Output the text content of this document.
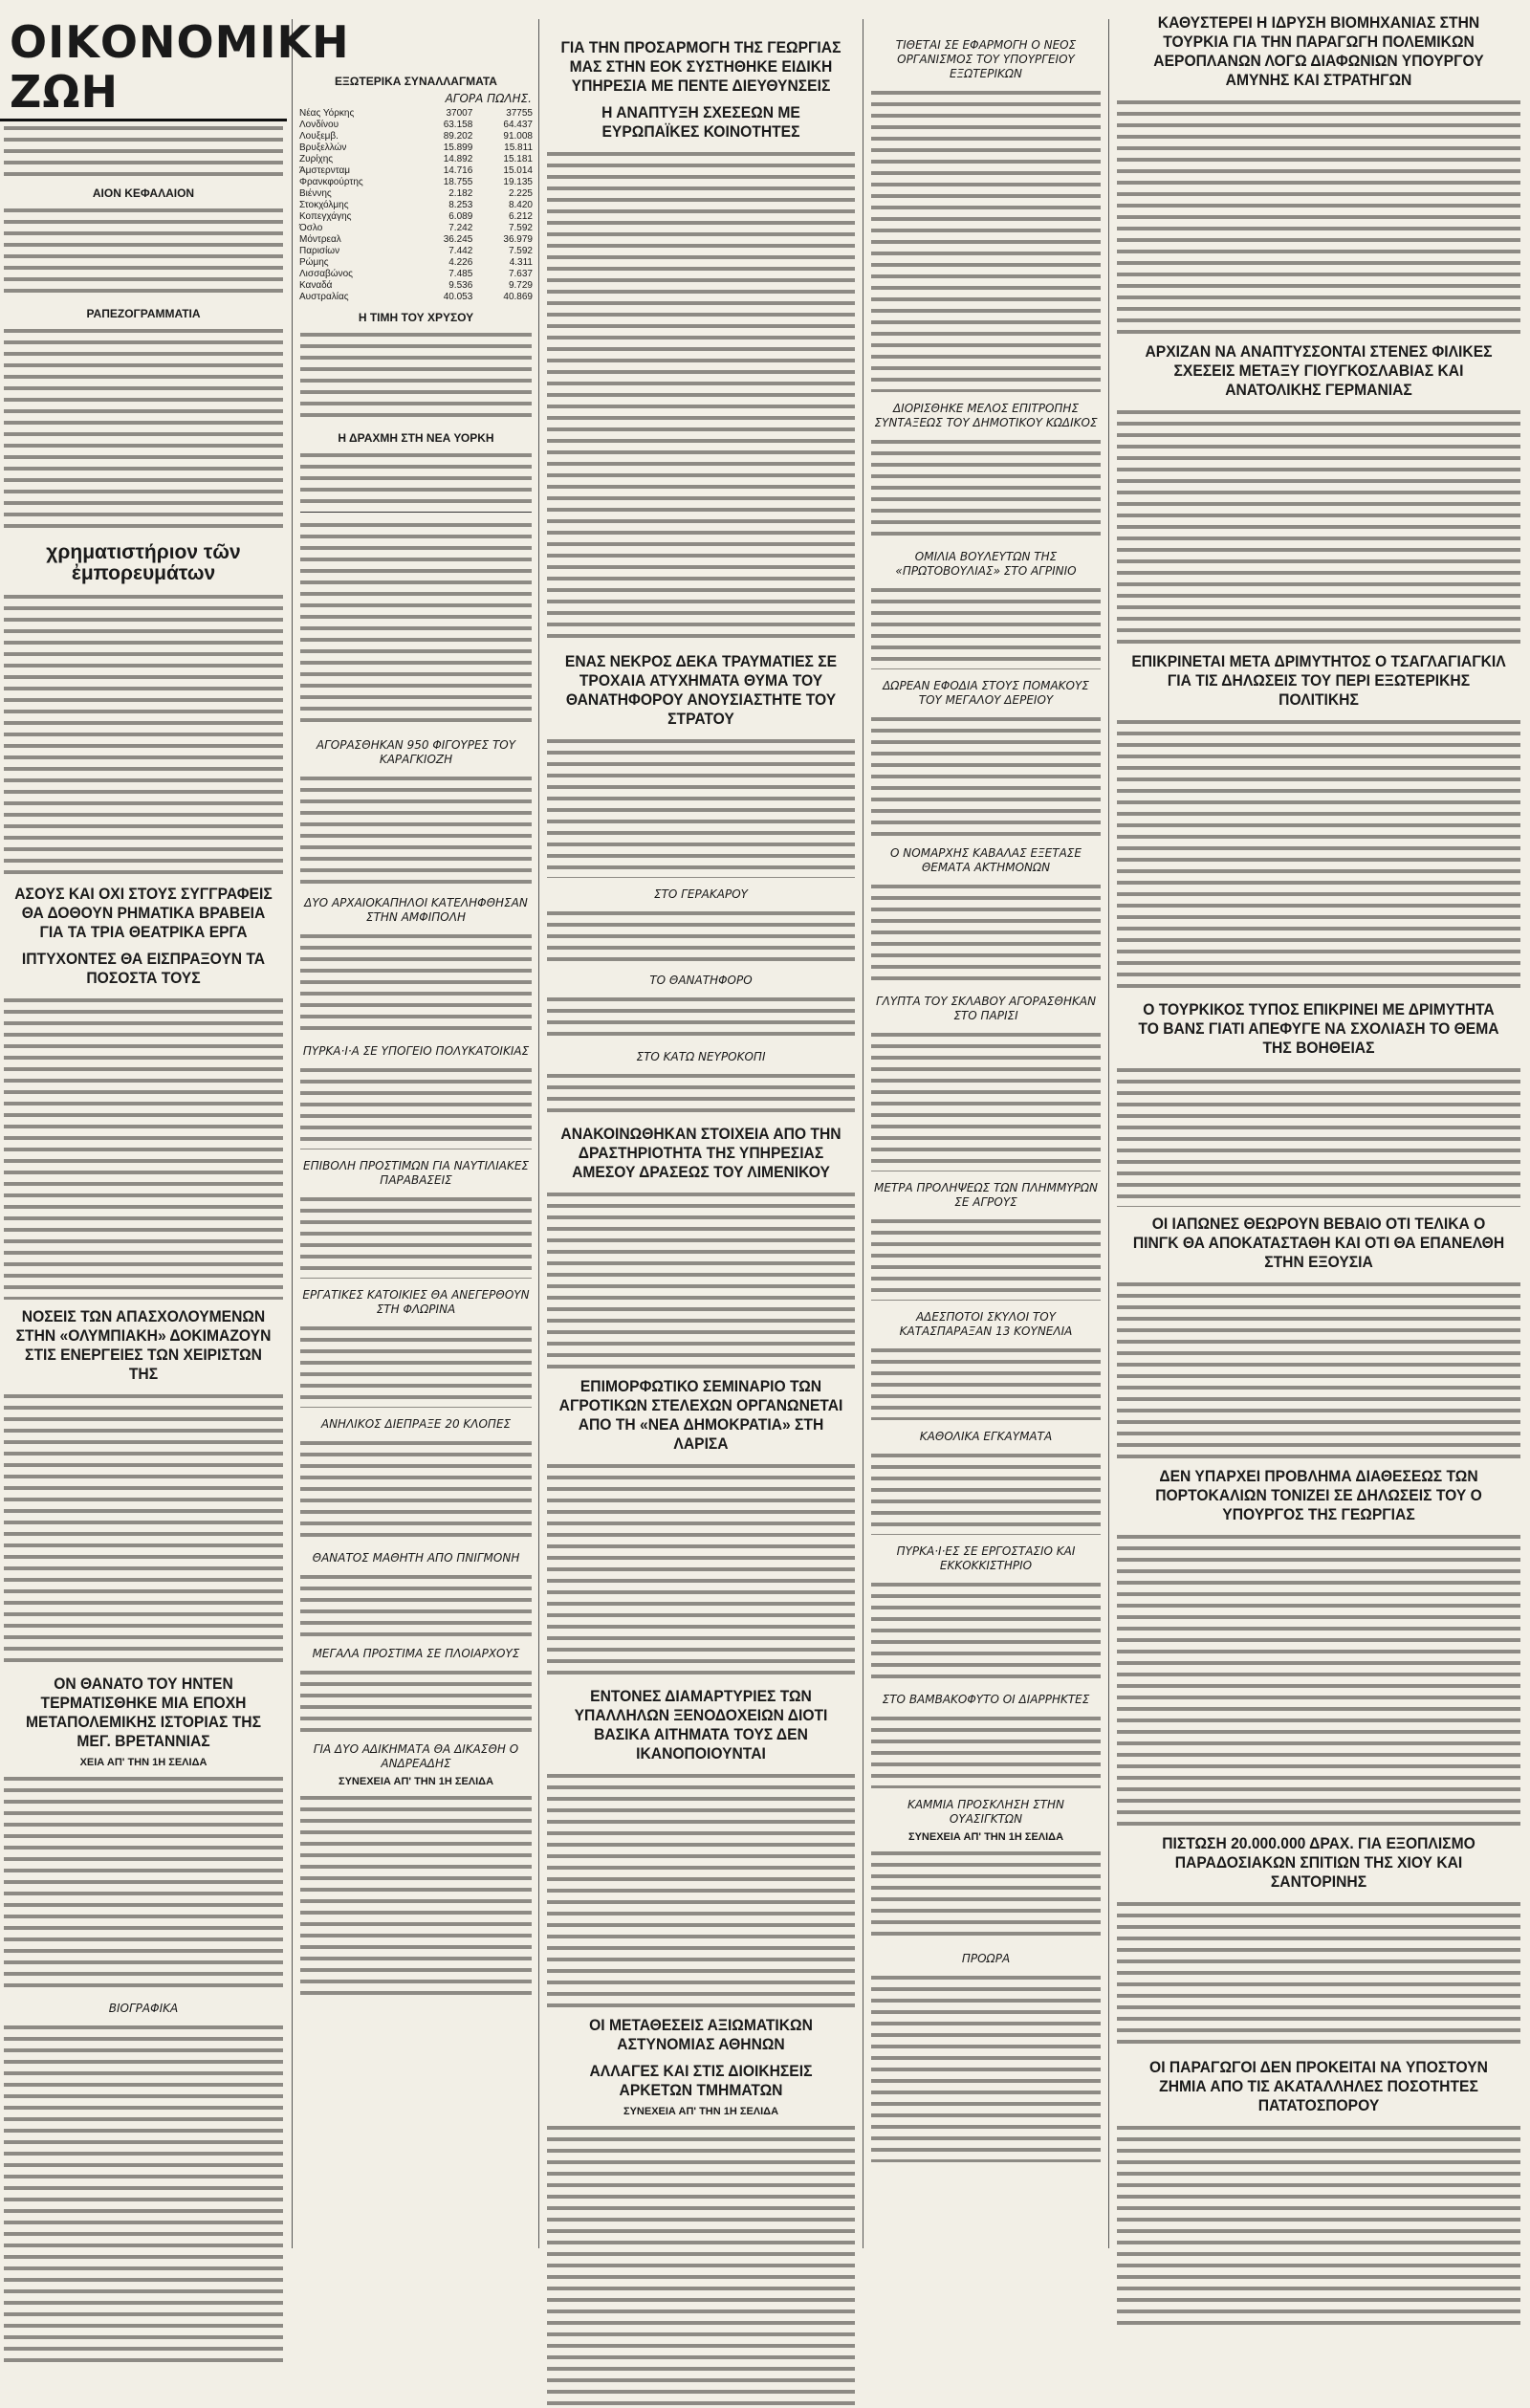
ΟΙΚΟΝΟΜΙΚΗ ΖΩΗ
ΑΙΟΝ ΚΕΦΑΛΑΙΟΝ
ΡΑΠΕΖΟΓΡΑΜΜΑΤΙΑ
χρηματιστήριον τῶν ἐμπορευμάτων
ΑΣΟΥΣ ΚΑΙ ΟΧΙ ΣΤΟΥΣ ΣΥΓΓΡΑΦΕΙΣ ΘΑ ΔΟΘΟΥΝ ΡΗΜΑΤΙΚΑ ΒΡΑΒΕΙΑ ΓΙΑ ΤΑ ΤΡΙΑ ΘΕΑΤΡΙΚΑ ΕΡΓΑ
ΙΠΤΥΧΟΝΤΕΣ ΘΑ ΕΙΣΠΡΑΞΟΥΝ ΤΑ ΠΟΣΟΣΤΑ ΤΟΥΣ
ΝΟΣΕΙΣ ΤΩΝ ΑΠΑΣΧΟΛΟΥΜΕΝΩΝ ΣΤΗΝ «ΟΛΥΜΠΙΑΚΗ» ΔΟΚΙΜΑΖΟΥΝ ΣΤΙΣ ΕΝΕΡΓΕΙΕΣ ΤΩΝ ΧΕΙΡΙΣΤΩΝ ΤΗΣ
ΟΝ ΘΑΝΑΤΟ ΤΟΥ ΗΝΤΕΝ ΤΕΡΜΑΤΙΣΘΗΚΕ ΜΙΑ ΕΠΟΧΗ ΜΕΤΑΠΟΛΕΜΙΚΗΣ ΙΣΤΟΡΙΑΣ ΤΗΣ ΜΕΓ. ΒΡΕΤΑΝΝΙΑΣ
ΧΕΙΑ ΑΠ' ΤΗΝ 1Η ΣΕΛΙΔΑ
ΒΙΟΓΡΑΦΙΚΑ
ΕΞΩΤΕΡΙΚΑ ΣΥΝΑΛΛΑΓΜΑΤΑ
ΑΓΟΡΑ ΠΩΛΗΣ.
Νέας Υόρκης	37007	37755
Λονδίνου	63.158	64.437
Λουξεμβ.	89.202	91.008
Βρυξελλών	15.899	15.811
Ζυρίχης	14.892	15.181
Άμστερνταμ	14.716	15.014
Φρανκφούρτης	18.755	19.135
Βιέννης	2.182	2.225
Στοκχόλμης	8.253	8.420
Κοπεγχάγης	6.089	6.212
Όσλο	7.242	7.592
Μόντρεαλ	36.245	36.979
Παρισίων	7.442	7.592
Ρώμης	4.226	4.311
Λισσαβώνος	7.485	7.637
Καναδά	9.536	9.729
Αυστραλίας	40.053	40.869
Η ΤΙΜΗ ΤΟΥ ΧΡΥΣΟΥ
Η ΔΡΑΧΜΗ ΣΤΗ ΝΕΑ ΥΟΡΚΗ
ΑΓΟΡΑΣΘΗΚΑΝ 950 ΦΙΓΟΥΡΕΣ ΤΟΥ ΚΑΡΑΓΚΙΟΖΗ
ΔΥΟ ΑΡΧΑΙΟΚΑΠΗΛΟΙ ΚΑΤΕΛΗΦΘΗΣΑΝ ΣΤΗΝ ΑΜΦΙΠΟΛΗ
ΠΥΡΚΑ·Ι·Α ΣΕ ΥΠΟΓΕΙΟ ΠΟΛΥΚΑΤΟΙΚΙΑΣ
ΕΠΙΒΟΛΗ ΠΡΟΣΤΙΜΩΝ ΓΙΑ ΝΑΥΤΙΛΙΑΚΕΣ ΠΑΡΑΒΑΣΕΙΣ
ΕΡΓΑΤΙΚΕΣ ΚΑΤΟΙΚΙΕΣ ΘΑ ΑΝΕΓΕΡΘΟΥΝ ΣΤΗ ΦΛΩΡΙΝΑ
ΑΝΗΛΙΚΟΣ ΔΙΕΠΡΑΞΕ 20 ΚΛΟΠΕΣ
ΘΑΝΑΤΟΣ ΜΑΘΗΤΗ ΑΠΟ ΠΝΙΓΜΟΝΗ
ΜΕΓΑΛΑ ΠΡΟΣΤΙΜΑ ΣΕ ΠΛΟΙΑΡΧΟΥΣ
ΓΙΑ ΔΥΟ ΑΔΙΚΗΜΑΤΑ ΘΑ ΔΙΚΑΣΘΗ Ο ΑΝΔΡΕΑΔΗΣ
ΣΥΝΕΧΕΙΑ ΑΠ' ΤΗΝ 1Η ΣΕΛΙΔΑ
ΓΙΑ ΤΗΝ ΠΡΟΣΑΡΜΟΓΗ ΤΗΣ ΓΕΩΡΓΙΑΣ ΜΑΣ ΣΤΗΝ ΕΟΚ ΣΥΣΤΗΘΗΚΕ ΕΙΔΙΚΗ ΥΠΗΡΕΣΙΑ ΜΕ ΠΕΝΤΕ ΔΙΕΥΘΥΝΣΕΙΣ
Η ΑΝΑΠΤΥΞΗ ΣΧΕΣΕΩΝ ΜΕ ΕΥΡΩΠΑΪΚΕΣ ΚΟΙΝΟΤΗΤΕΣ
ΕΝΑΣ ΝΕΚΡΟΣ ΔΕΚΑ ΤΡΑΥΜΑΤΙΕΣ ΣΕ ΤΡΟΧΑΙΑ ΑΤΥΧΗΜΑΤΑ ΘΥΜΑ ΤΟΥ ΘΑΝΑΤΗΦΟΡΟΥ ΑΝΟΥΣΙΑΣΤΗΤΕ ΤΟΥ ΣΤΡΑΤΟΥ
ΣΤΟ ΓΕΡΑΚΑΡΟΥ
ΤΟ ΘΑΝΑΤΗΦΟΡΟ
ΣΤΟ ΚΑΤΩ ΝΕΥΡΟΚΟΠΙ
ΑΝΑΚΟΙΝΩΘΗΚΑΝ ΣΤΟΙΧΕΙΑ ΑΠΟ ΤΗΝ ΔΡΑΣΤΗΡΙΟΤΗΤΑ ΤΗΣ ΥΠΗΡΕΣΙΑΣ ΑΜΕΣΟΥ ΔΡΑΣΕΩΣ ΤΟΥ ΛΙΜΕΝΙΚΟΥ
ΕΠΙΜΟΡΦΩΤΙΚΟ ΣΕΜΙΝΑΡΙΟ ΤΩΝ ΑΓΡΟΤΙΚΩΝ ΣΤΕΛΕΧΩΝ ΟΡΓΑΝΩΝΕΤΑΙ ΑΠΟ ΤΗ «ΝΕΑ ΔΗΜΟΚΡΑΤΙΑ» ΣΤΗ ΛΑΡΙΣΑ
ΕΝΤΟΝΕΣ ΔΙΑΜΑΡΤΥΡΙΕΣ ΤΩΝ ΥΠΑΛΛΗΛΩΝ ΞΕΝΟΔΟΧΕΙΩΝ ΔΙΟΤΙ ΒΑΣΙΚΑ ΑΙΤΗΜΑΤΑ ΤΟΥΣ ΔΕΝ ΙΚΑΝΟΠΟΙΟΥΝΤΑΙ
ΟΙ ΜΕΤΑΘΕΣΕΙΣ ΑΞΙΩΜΑΤΙΚΩΝ ΑΣΤΥΝΟΜΙΑΣ ΑΘΗΝΩΝ
ΑΛΛΑΓΕΣ ΚΑΙ ΣΤΙΣ ΔΙΟΙΚΗΣΕΙΣ ΑΡΚΕΤΩΝ ΤΜΗΜΑΤΩΝ
ΣΥΝΕΧΕΙΑ ΑΠ' ΤΗΝ 1Η ΣΕΛΙΔΑ
ΤΙΘΕΤΑΙ ΣΕ ΕΦΑΡΜΟΓΗ Ο ΝΕΟΣ ΟΡΓΑΝΙΣΜΟΣ ΤΟΥ ΥΠΟΥΡΓΕΙΟΥ ΕΞΩΤΕΡΙΚΩΝ
ΔΙΟΡΙΣΘΗΚΕ ΜΕΛΟΣ ΕΠΙΤΡΟΠΗΣ ΣΥΝΤΑΞΕΩΣ ΤΟΥ ΔΗΜΟΤΙΚΟΥ ΚΩΔΙΚΟΣ
ΟΜΙΛΙΑ ΒΟΥΛΕΥΤΩΝ ΤΗΣ «ΠΡΩΤΟΒΟΥΛΙΑΣ» ΣΤΟ ΑΓΡΙΝΙΟ
ΔΩΡΕΑΝ ΕΦΟΔΙΑ ΣΤΟΥΣ ΠΟΜΑΚΟΥΣ ΤΟΥ ΜΕΓΑΛΟΥ ΔΕΡΕΙΟΥ
Ο ΝΟΜΑΡΧΗΣ ΚΑΒΑΛΑΣ ΕΞΕΤΑΣΕ ΘΕΜΑΤΑ ΑΚΤΗΜΟΝΩΝ
ΓΛΥΠΤΑ ΤΟΥ ΣΚΛΑΒΟΥ ΑΓΟΡΑΣΘΗΚΑΝ ΣΤΟ ΠΑΡΙΣΙ
ΜΕΤΡΑ ΠΡΟΛΗΨΕΩΣ ΤΩΝ ΠΛΗΜΜΥΡΩΝ ΣΕ ΑΓΡΟΥΣ
ΑΔΕΣΠΟΤΟΙ ΣΚΥΛΟΙ ΤΟΥ ΚΑΤΑΣΠΑΡΑΞΑΝ 13 ΚΟΥΝΕΛΙΑ
ΚΑΘΟΛΙΚΑ ΕΓΚΑΥΜΑΤΑ
ΠΥΡΚΑ·Ι·ΕΣ ΣΕ ΕΡΓΟΣΤΑΣΙΟ ΚΑΙ ΕΚΚΟΚΚΙΣΤΗΡΙΟ
ΣΤΟ ΒΑΜΒΑΚΟΦΥΤΟ ΟΙ ΔΙΑΡΡΗΚΤΕΣ
ΚΑΜΜΙΑ ΠΡΟΣΚΛΗΣΗ ΣΤΗΝ ΟΥΑΣΙΓΚΤΩΝ
ΣΥΝΕΧΕΙΑ ΑΠ' ΤΗΝ 1Η ΣΕΛΙΔΑ
ΠΡΟΩΡΑ
ΚΑΘΥΣΤΕΡΕΙ Η ΙΔΡΥΣΗ ΒΙΟΜΗΧΑΝΙΑΣ ΣΤΗΝ ΤΟΥΡΚΙΑ ΓΙΑ ΤΗΝ ΠΑΡΑΓΩΓΗ ΠΟΛΕΜΙΚΩΝ ΑΕΡΟΠΛΑΝΩΝ ΛΟΓΩ ΔΙΑΦΩΝΙΩΝ ΥΠΟΥΡΓΟΥ ΑΜΥΝΗΣ ΚΑΙ ΣΤΡΑΤΗΓΩΝ
ΑΡΧΙΖΑΝ ΝΑ ΑΝΑΠΤΥΣΣΟΝΤΑΙ ΣΤΕΝΕΣ ΦΙΛΙΚΕΣ ΣΧΕΣΕΙΣ ΜΕΤΑΞΥ ΓΙΟΥΓΚΟΣΛΑΒΙΑΣ ΚΑΙ ΑΝΑΤΟΛΙΚΗΣ ΓΕΡΜΑΝΙΑΣ
ΕΠΙΚΡΙΝΕΤΑΙ ΜΕΤΑ ΔΡΙΜΥΤΗΤΟΣ Ο ΤΣΑΓΛΑΓΙΑΓΚΙΛ ΓΙΑ ΤΙΣ ΔΗΛΩΣΕΙΣ ΤΟΥ ΠΕΡΙ ΕΞΩΤΕΡΙΚΗΣ ΠΟΛΙΤΙΚΗΣ
Ο ΤΟΥΡΚΙΚΟΣ ΤΥΠΟΣ ΕΠΙΚΡΙΝΕΙ ΜΕ ΔΡΙΜΥΤΗΤΑ ΤΟ ΒΑΝΣ ΓΙΑΤΙ ΑΠΕΦΥΓΕ ΝΑ ΣΧΟΛΙΑΣΗ ΤΟ ΘΕΜΑ ΤΗΣ ΒΟΗΘΕΙΑΣ
ΟΙ ΙΑΠΩΝΕΣ ΘΕΩΡΟΥΝ ΒΕΒΑΙΟ ΟΤΙ ΤΕΛΙΚΑ Ο ΠΙΝΓΚ ΘΑ ΑΠΟΚΑΤΑΣΤΑΘΗ ΚΑΙ ΟΤΙ ΘΑ ΕΠΑΝΕΛΘΗ ΣΤΗΝ ΕΞΟΥΣΙΑ
ΔΕΝ ΥΠΑΡΧΕΙ ΠΡΟΒΛΗΜΑ ΔΙΑΘΕΣΕΩΣ ΤΩΝ ΠΟΡΤΟΚΑΛΙΩΝ ΤΟΝΙΖΕΙ ΣΕ ΔΗΛΩΣΕΙΣ ΤΟΥ Ο ΥΠΟΥΡΓΟΣ ΤΗΣ ΓΕΩΡΓΙΑΣ
ΠΙΣΤΩΣΗ 20.000.000 ΔΡΑΧ. ΓΙΑ ΕΞΟΠΛΙΣΜΟ ΠΑΡΑΔΟΣΙΑΚΩΝ ΣΠΙΤΙΩΝ ΤΗΣ ΧΙΟΥ ΚΑΙ ΣΑΝΤΟΡΙΝΗΣ
ΟΙ ΠΑΡΑΓΩΓΟΙ ΔΕΝ ΠΡΟΚΕΙΤΑΙ ΝΑ ΥΠΟΣΤΟΥΝ ΖΗΜΙΑ ΑΠΟ ΤΙΣ ΑΚΑΤΑΛΛΗΛΕΣ ΠΟΣΟΤΗΤΕΣ ΠΑΤΑΤΟΣΠΟΡΟΥ
